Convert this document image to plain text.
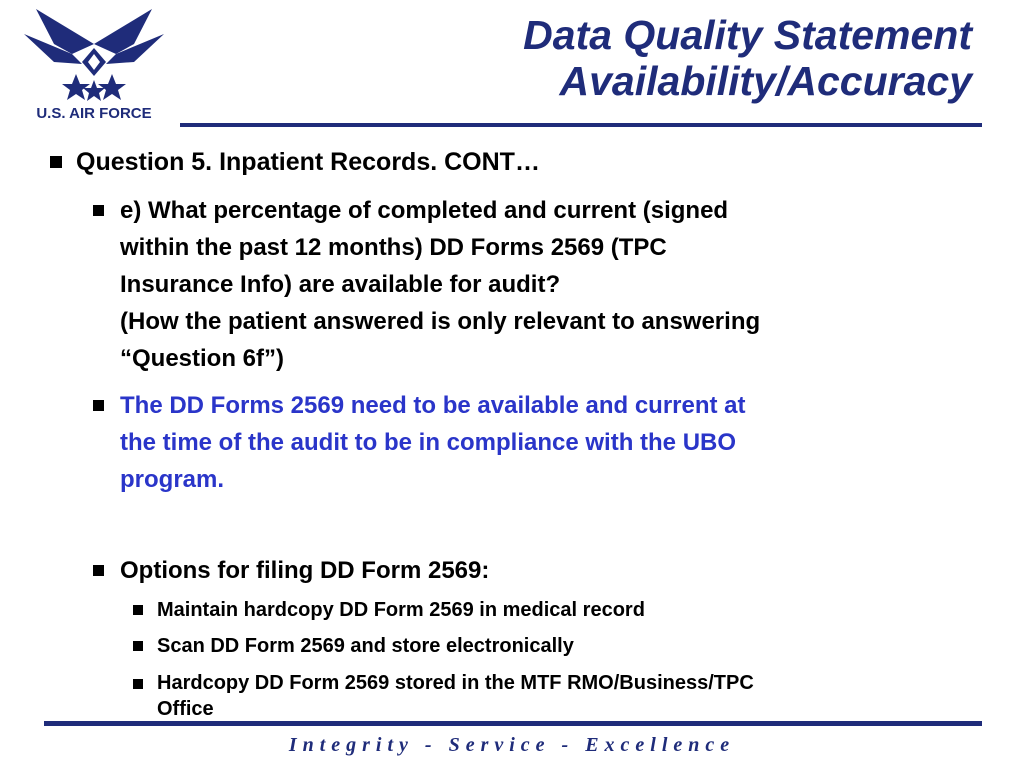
U.S. AIR FORCE
Data Quality Statement
Availability/Accuracy
Question 5. Inpatient Records. CONT…
e) What percentage of completed and current (signed
within the past 12 months) DD Forms 2569 (TPC
Insurance Info) are available for audit?
(How the patient answered is only relevant to answering
“Question 6f”)
The DD Forms 2569 need to be available and current at
the time of the audit to be in compliance with the UBO
program.
Options for filing DD Form 2569:
Maintain hardcopy DD Form 2569 in medical record
Scan DD Form 2569 and store electronically
Hardcopy DD Form 2569 stored in the MTF RMO/Business/TPC
Office
Integrity - Service - Excellence
